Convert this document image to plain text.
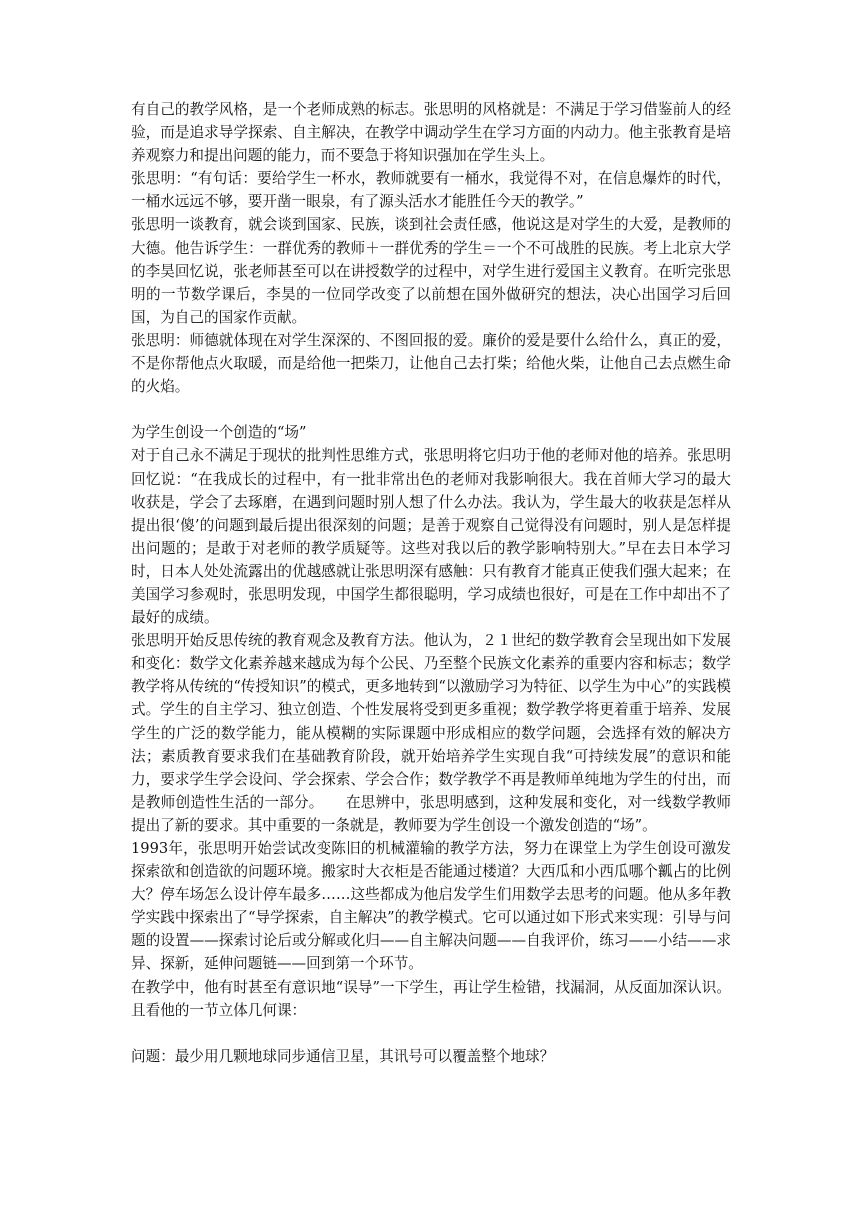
有自己的教学风格，是一个老师成熟的标志。张思明的风格就是：不满足于学习借鉴前人的经验，而是追求导学探索、自主解决，在教学中调动学生在学习方面的内动力。他主张教育是培养观察力和提出问题的能力，而不要急于将知识强加在学生头上。

张思明：“有句话：要给学生一杯水，教师就要有一桶水，我觉得不对，在信息爆炸的时代，一桶水远远不够，要开凿一眼泉，有了源头活水才能胜任今天的教学。”

张思明一谈教育，就会谈到国家、民族，谈到社会责任感，他说这是对学生的大爱，是教师的大德。他告诉学生：一群优秀的教师＋一群优秀的学生＝一个不可战胜的民族。考上北京大学的李昊回忆说，张老师甚至可以在讲授数学的过程中，对学生进行爱国主义教育。在听完张思明的一节数学课后，李昊的一位同学改变了以前想在国外做研究的想法，决心出国学习后回国，为自己的国家作贡献。

张思明：师德就体现在对学生深深的、不图回报的爱。廉价的爱是要什么给什么，真正的爱，不是你帮他点火取暖，而是给他一把柴刀，让他自己去打柴；给他火柴，让他自己去点燃生命的火焰。

为学生创设一个创造的“场”

对于自己永不满足于现状的批判性思维方式，张思明将它归功于他的老师对他的培养。张思明回忆说：“在我成长的过程中，有一批非常出色的老师对我影响很大。我在首师大学习的最大收获是，学会了去琢磨，在遇到问题时别人想了什么办法。我认为，学生最大的收获是怎样从提出很‘傻’的问题到最后提出很深刻的问题；是善于观察自己觉得没有问题时，别人是怎样提出问题的；是敢于对老师的教学质疑等。这些对我以后的教学影响特别大。”早在去日本学习时，日本人处处流露出的优越感就让张思明深有感触：只有教育才能真正使我们强大起来；在美国学习参观时，张思明发现，中国学生都很聪明，学习成绩也很好，可是在工作中却出不了最好的成绩。

张思明开始反思传统的教育观念及教育方法。他认为，２１世纪的数学教育会呈现出如下发展和变化：数学文化素养越来越成为每个公民、乃至整个民族文化素养的重要内容和标志；数学教学将从传统的“传授知识”的模式，更多地转到“以激励学习为特征、以学生为中心”的实践模式。学生的自主学习、独立创造、个性发展将受到更多重视；数学教学将更着重于培养、发展学生的广泛的数学能力，能从模糊的实际课题中形成相应的数学问题，会选择有效的解决方法；素质教育要求我们在基础教育阶段，就开始培养学生实现自我“可持续发展”的意识和能力，要求学生学会设问、学会探索、学会合作；数学教学不再是教师单纯地为学生的付出，而是教师创造性生活的一部分。　　在思辨中，张思明感到，这种发展和变化，对一线数学教师提出了新的要求。其中重要的一条就是，教师要为学生创设一个激发创造的“场”。

1993年，张思明开始尝试改变陈旧的机械灌输的教学方法，努力在课堂上为学生创设可激发探索欲和创造欲的问题环境。搬家时大衣柜是否能通过楼道？大西瓜和小西瓜哪个瓤占的比例大？停车场怎么设计停车最多……这些都成为他启发学生们用数学去思考的问题。他从多年教学实践中探索出了“导学探索，自主解决”的教学模式。它可以通过如下形式来实现：引导与问题的设置——探索讨论后或分解或化归——自主解决问题——自我评价，练习——小结——求异、探新，延伸问题链——回到第一个环节。

在教学中，他有时甚至有意识地“误导”一下学生，再让学生检错，找漏洞，从反面加深认识。且看他的一节立体几何课：

问题：最少用几颗地球同步通信卫星，其讯号可以覆盖整个地球？
